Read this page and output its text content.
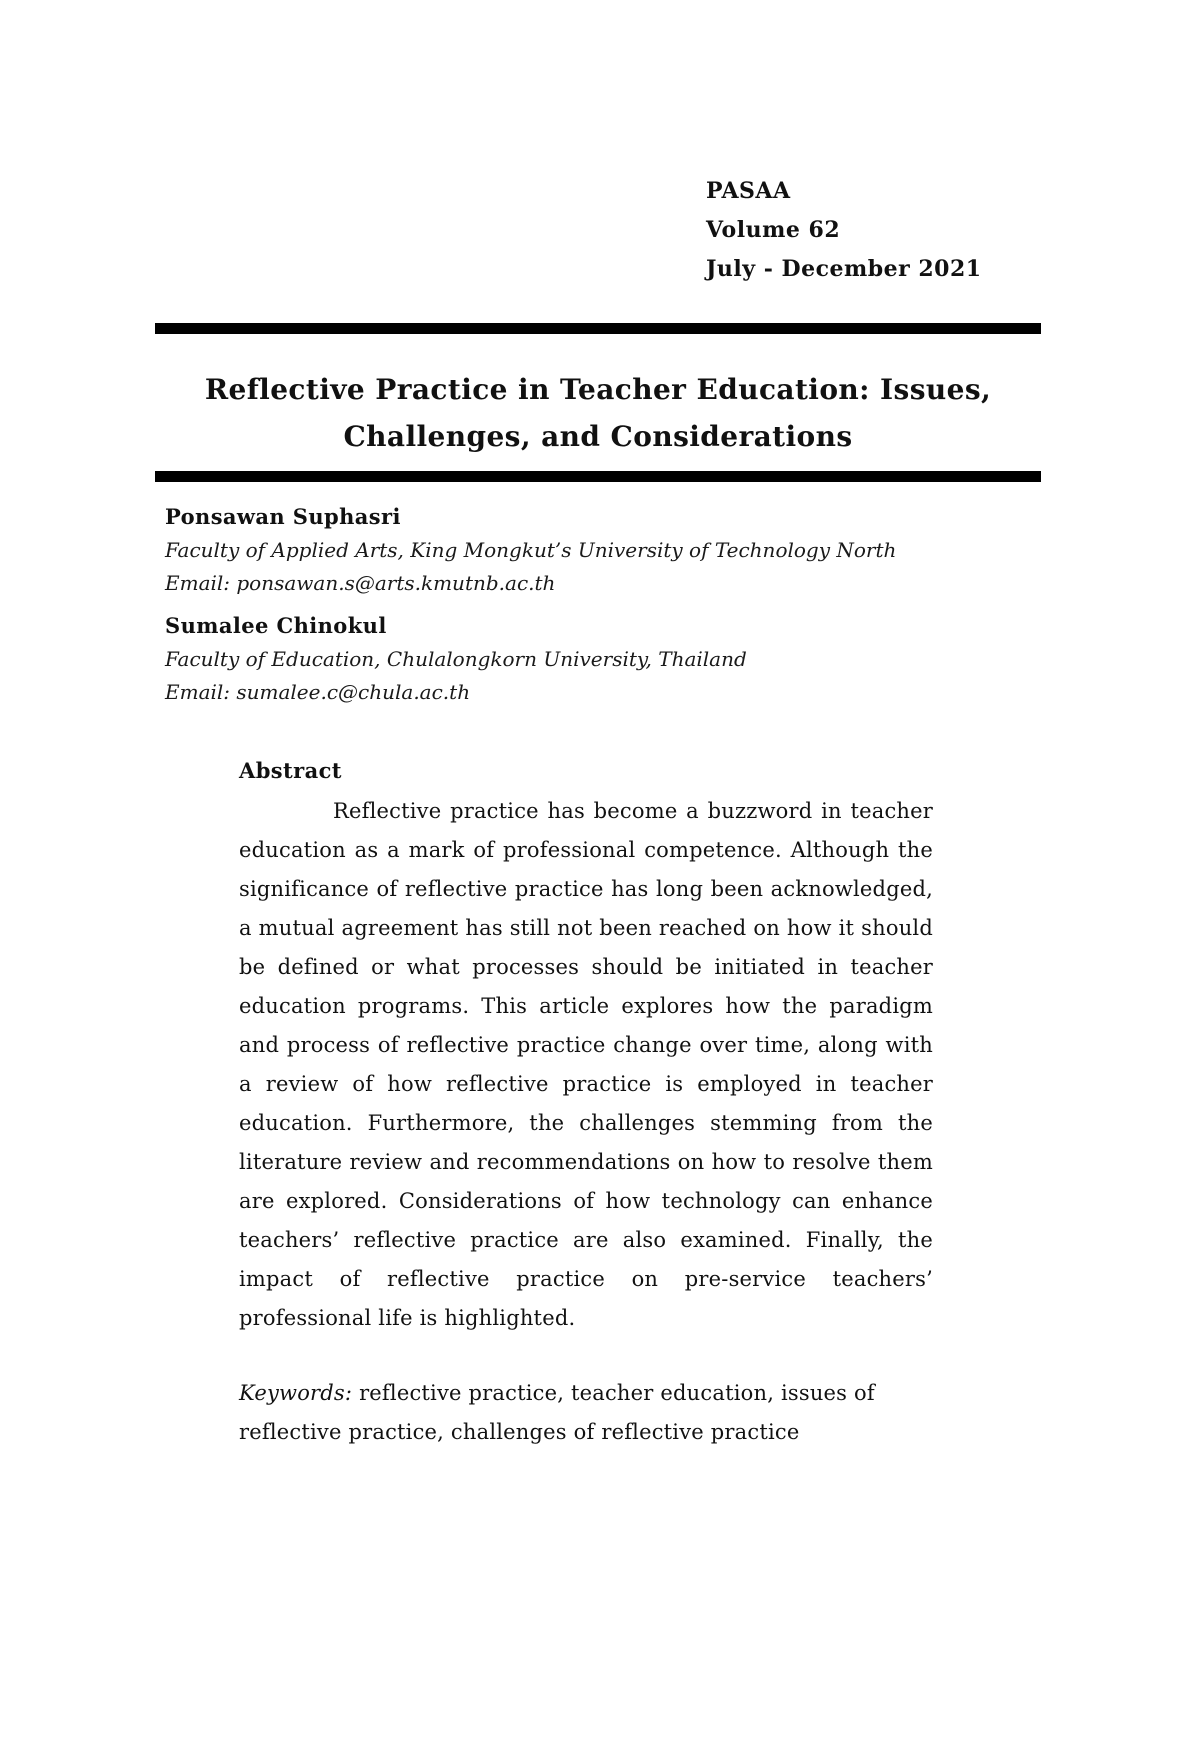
PASAA
Volume 62
July - December 2021
Reflective Practice in Teacher Education: Issues,
Challenges, and Considerations
Ponsawan Suphasri
Faculty of Applied Arts, King Mongkut’s University of Technology North
Email: ponsawan.s@arts.kmutnb.ac.th
Sumalee Chinokul
Faculty of Education, Chulalongkorn University, Thailand
Email: sumalee.c@chula.ac.th
Abstract

Reflective practice has become a buzzword in teacher education as a mark of professional competence. Although the significance of reflective practice has long been acknowledged, a mutual agreement has still not been reached on how it should be defined or what processes should be initiated in teacher education programs. This article explores how the paradigm and process of reflective practice change over time, along with a review of how reflective practice is employed in teacher education. Furthermore, the challenges stemming from the literature review and recommendations on how to resolve them are explored. Considerations of how technology can enhance teachers’ reflective practice are also examined. Finally, the impact of reflective practice on pre-service teachers’ professional life is highlighted.

Keywords: reflective practice, teacher education, issues of reflective practice, challenges of reflective practice
